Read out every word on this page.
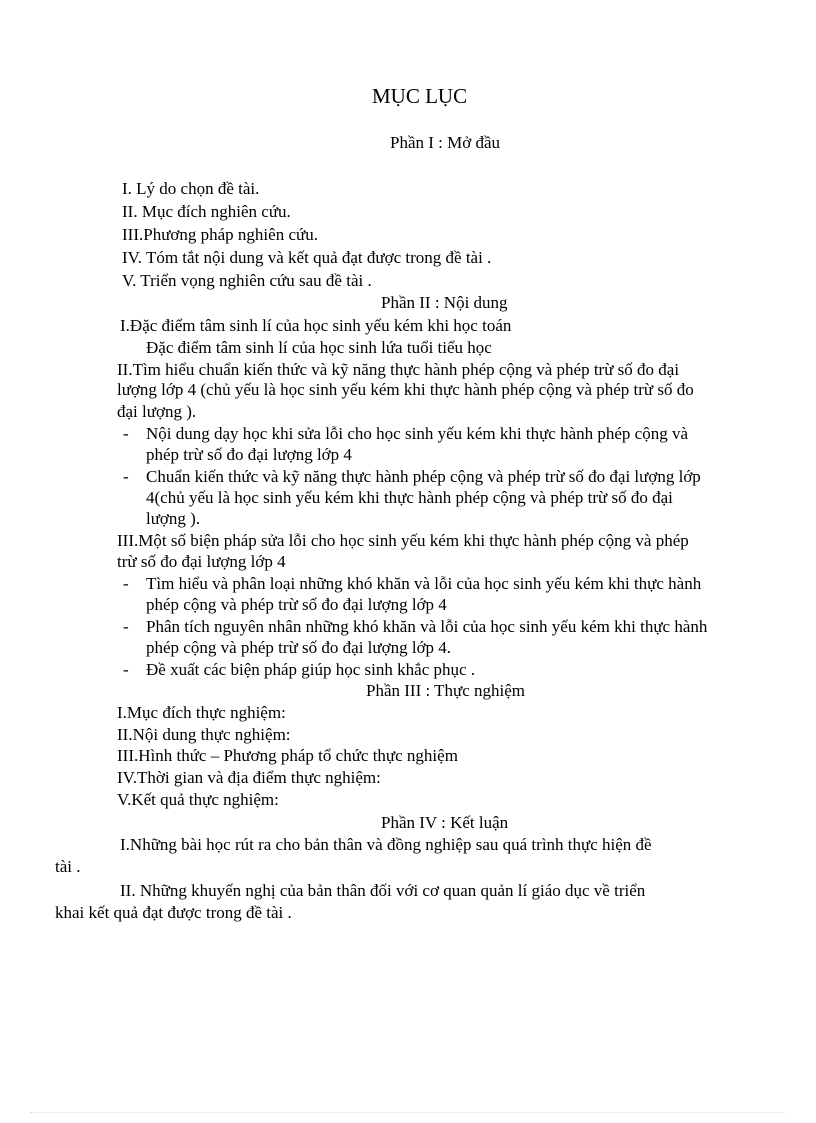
MỤC LỤC
Phần I : Mở đầu
I. Lý do chọn đề tài.
II. Mục đích nghiên cứu.
III.Phương pháp nghiên cứu.
IV. Tóm tắt nội dung và kết quả đạt được trong đề tài .
V. Triển vọng nghiên cứu sau đề tài .
Phần II : Nội dung
I.Đặc điểm tâm sinh lí của học sinh yếu kém khi học toán
Đặc điểm tâm sinh lí của học sinh lứa tuổi tiểu học
II.Tìm hiểu chuẩn kiến thức và kỹ năng thực hành phép cộng và phép trừ số đo đại
lượng lớp 4 (chủ yếu là học sinh yếu kém khi thực hành phép cộng và phép trừ số đo
đại lượng ).
- Nội dung dạy học khi sửa lỗi cho học sinh yếu kém khi thực hành phép cộng và
phép trừ số đo đại lượng lớp 4
- Chuẩn kiến thức và kỹ năng thực hành phép cộng và phép trừ số đo đại lượng lớp
4(chủ yếu là học sinh yếu kém khi thực hành phép cộng và phép trừ số đo đại
lượng ).
III.Một số biện pháp sửa lỗi cho học sinh yếu kém khi thực hành phép cộng và phép
trừ số đo đại lượng lớp 4
- Tìm hiểu và phân loại những khó khăn và lỗi của học sinh yếu kém khi thực hành
phép cộng và phép trừ số đo đại lượng lớp 4
- Phân tích nguyên nhân những khó khăn và lỗi của học sinh yếu kém khi thực hành
phép cộng và phép trừ số đo đại lượng lớp 4.
- Đề xuất các biện pháp giúp học sinh khắc phục .
Phần III : Thực nghiệm
I.Mục đích thực nghiệm:
II.Nội dung thực nghiệm:
III.Hình thức – Phương pháp tổ chức thực nghiệm
IV.Thời gian và địa điểm thực nghiệm:
V.Kết quả thực nghiệm:
Phần IV : Kết luận
I.Những bài học rút ra cho bản thân và đồng nghiệp sau quá trình thực hiện đề
tài .
II. Những khuyến nghị của bản thân đối với cơ quan quản lí giáo dục về triển
khai kết quả đạt được trong đề tài .
